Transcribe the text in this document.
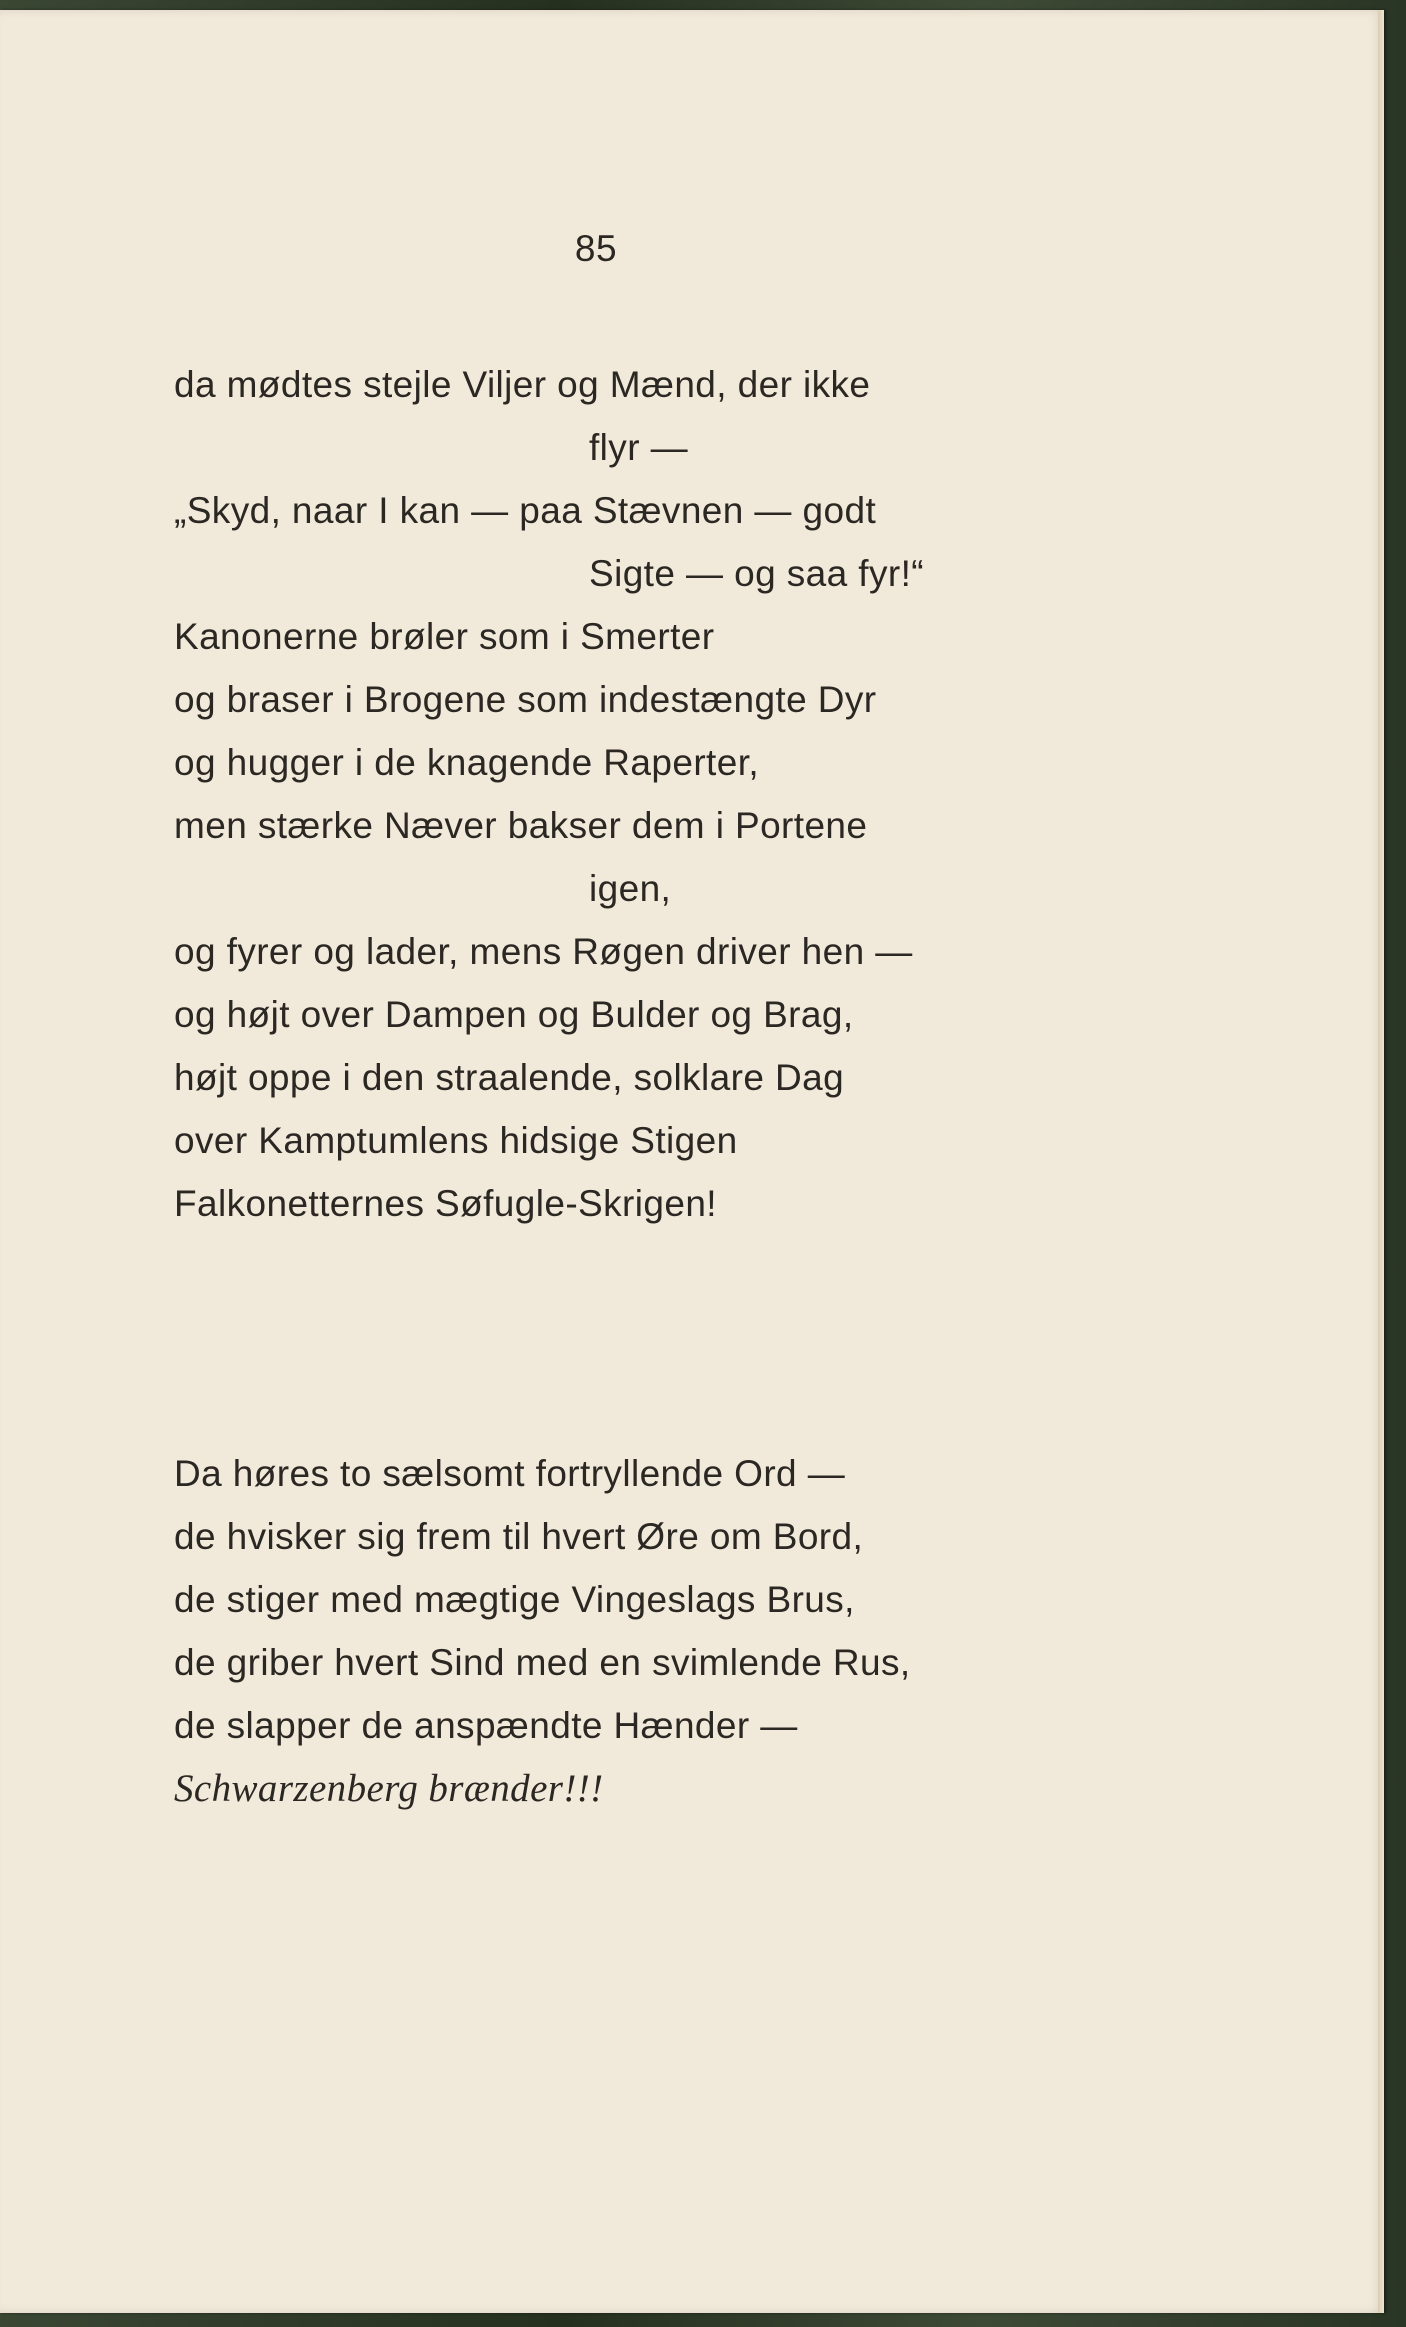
85
da mødtes stejle Viljer og Mænd, der ikke
flyr —
„Skyd, naar I kan — paa Stævnen — godt
Sigte — og saa fyr!“
Kanonerne brøler som i Smerter
og braser i Brogene som indestængte Dyr
og hugger i de knagende Raperter,
men stærke Næver bakser dem i Portene
igen,
og fyrer og lader, mens Røgen driver hen —
og højt over Dampen og Bulder og Brag,
højt oppe i den straalende, solklare Dag
over Kamptumlens hidsige Stigen
Falkonetternes Søfugle-Skrigen!
Da høres to sælsomt fortryllende Ord —
de hvisker sig frem til hvert Øre om Bord,
de stiger med mægtige Vingeslags Brus,
de griber hvert Sind med en svimlende Rus,
de slapper de anspændte Hænder —
Schwarzenberg brænder!!!
